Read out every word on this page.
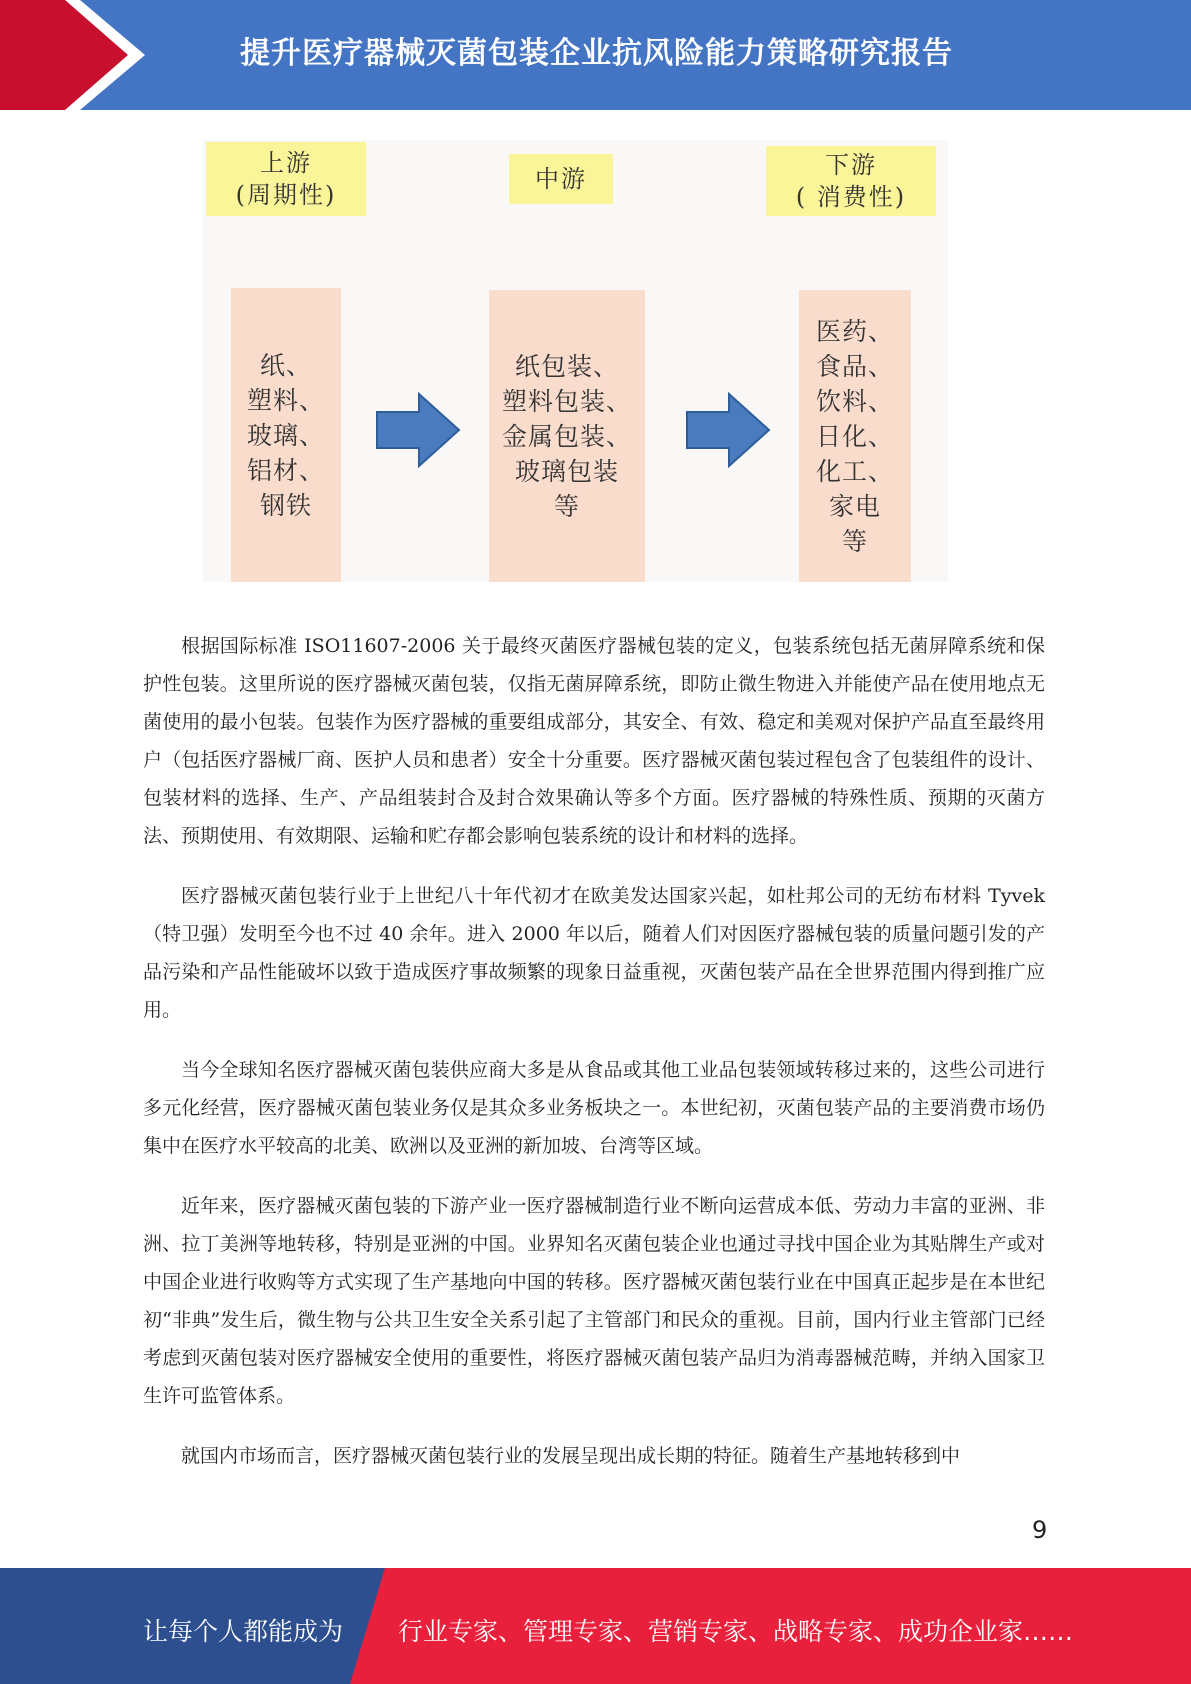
提升医疗器械灭菌包装企业抗风险能力策略研究报告
上游
(周期性)
纸、
塑料、
玻璃、
铝材、
钢铁
中游
纸包装、
塑料包装、
金属包装、
玻璃包装
等
下游
( 消费性)
医药、
食品、
饮料、
日化、
化工、
家电
等

根据国际标准 ISO11607-2006 关于最终灭菌医疗器械包装的定义，包装系统包括无菌屏障系统和保护性包装。这里所说的医疗器械灭菌包装，仅指无菌屏障系统，即防止微生物进入并能使产品在使用地点无菌使用的最小包装。包装作为医疗器械的重要组成部分，其安全、有效、稳定和美观对保护产品直至最终用户（包括医疗器械厂商、医护人员和患者）安全十分重要。医疗器械灭菌包装过程包含了包装组件的设计、包装材料的选择、生产、产品组装封合及封合效果确认等多个方面。医疗器械的特殊性质、预期的灭菌方法、预期使用、有效期限、运输和贮存都会影响包装系统的设计和材料的选择。

医疗器械灭菌包装行业于上世纪八十年代初才在欧美发达国家兴起，如杜邦公司的无纺布材料 Tyvek（特卫强）发明至今也不过 40 余年。进入 2000 年以后，随着人们对因医疗器械包装的质量问题引发的产品污染和产品性能破坏以致于造成医疗事故频繁的现象日益重视，灭菌包装产品在全世界范围内得到推广应用。

当今全球知名医疗器械灭菌包装供应商大多是从食品或其他工业品包装领域转移过来的，这些公司进行多元化经营，医疗器械灭菌包装业务仅是其众多业务板块之一。本世纪初，灭菌包装产品的主要消费市场仍集中在医疗水平较高的北美、欧洲以及亚洲的新加坡、台湾等区域。

近年来，医疗器械灭菌包装的下游产业一医疗器械制造行业不断向运营成本低、劳动力丰富的亚洲、非洲、拉丁美洲等地转移，特别是亚洲的中国。业界知名灭菌包装企业也通过寻找中国企业为其贴牌生产或对中国企业进行收购等方式实现了生产基地向中国的转移。医疗器械灭菌包装行业在中国真正起步是在本世纪初“非典”发生后，微生物与公共卫生安全关系引起了主管部门和民众的重视。目前，国内行业主管部门已经考虑到灭菌包装对医疗器械安全使用的重要性，将医疗器械灭菌包装产品归为消毒器械范畴，并纳入国家卫生许可监管体系。

就国内市场而言，医疗器械灭菌包装行业的发展呈现出成长期的特征。随着生产基地转移到中

9
让每个人都能成为 行业专家、管理专家、营销专家、战略专家、成功企业家……
